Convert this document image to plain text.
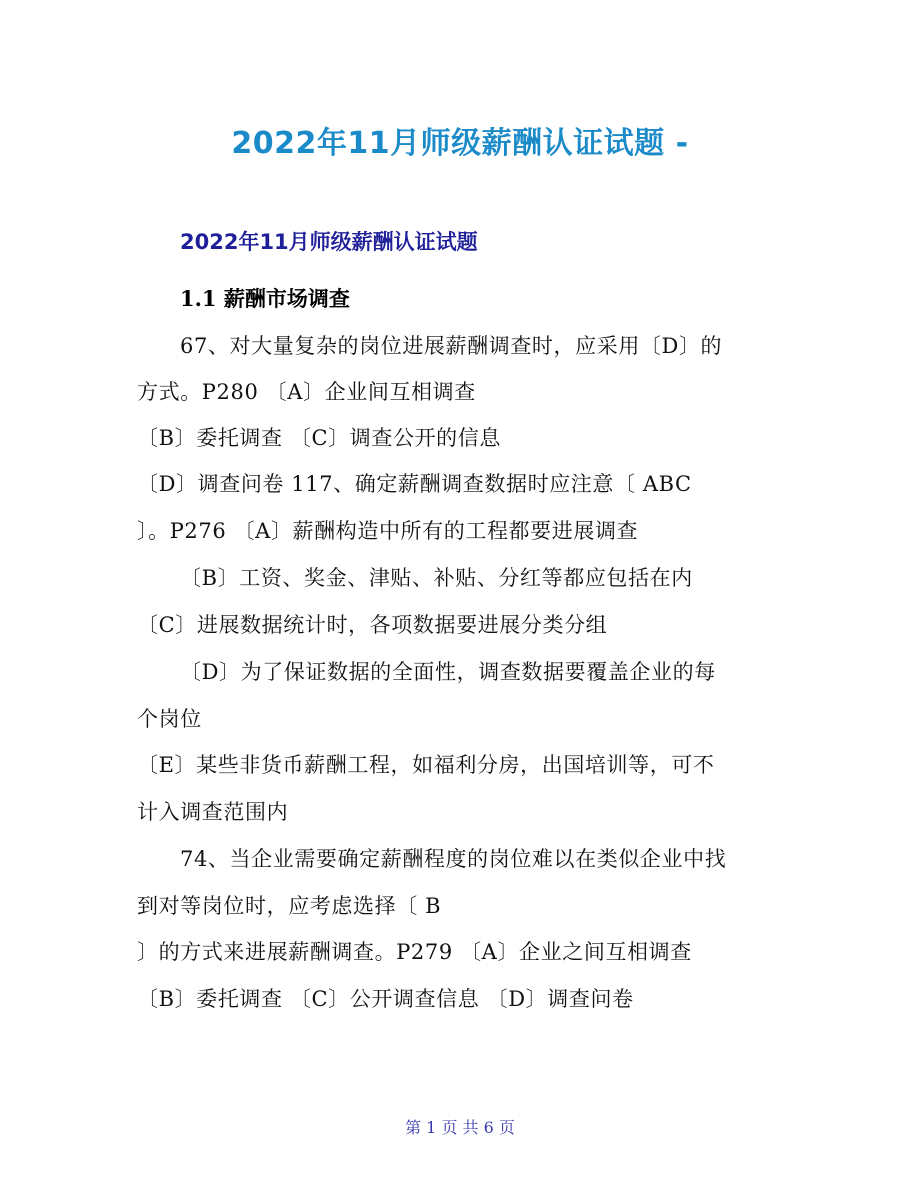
2022年11月师级薪酬认证试题 -
2022年11月师级薪酬认证试题
1.1 薪酬市场调查
67、对大量复杂的岗位进展薪酬调查时，应采用〔D〕的
方式。P280 〔A〕企业间互相调查
〔B〕委托调查 〔C〕调查公开的信息
〔D〕调查问卷 117、确定薪酬调查数据时应注意〔 ABC
〕。P276 〔A〕薪酬构造中所有的工程都要进展调查
〔B〕工资、奖金、津贴、补贴、分红等都应包括在内
〔C〕进展数据统计时，各项数据要进展分类分组
〔D〕为了保证数据的全面性，调查数据要覆盖企业的每
个岗位
〔E〕某些非货币薪酬工程，如福利分房，出国培训等，可不
计入调查范围内
74、当企业需要确定薪酬程度的岗位难以在类似企业中找
到对等岗位时，应考虑选择〔 B
〕的方式来进展薪酬调查。P279 〔A〕企业之间互相调查
〔B〕委托调查 〔C〕公开调查信息 〔D〕调查问卷
第 1 页 共 6 页
